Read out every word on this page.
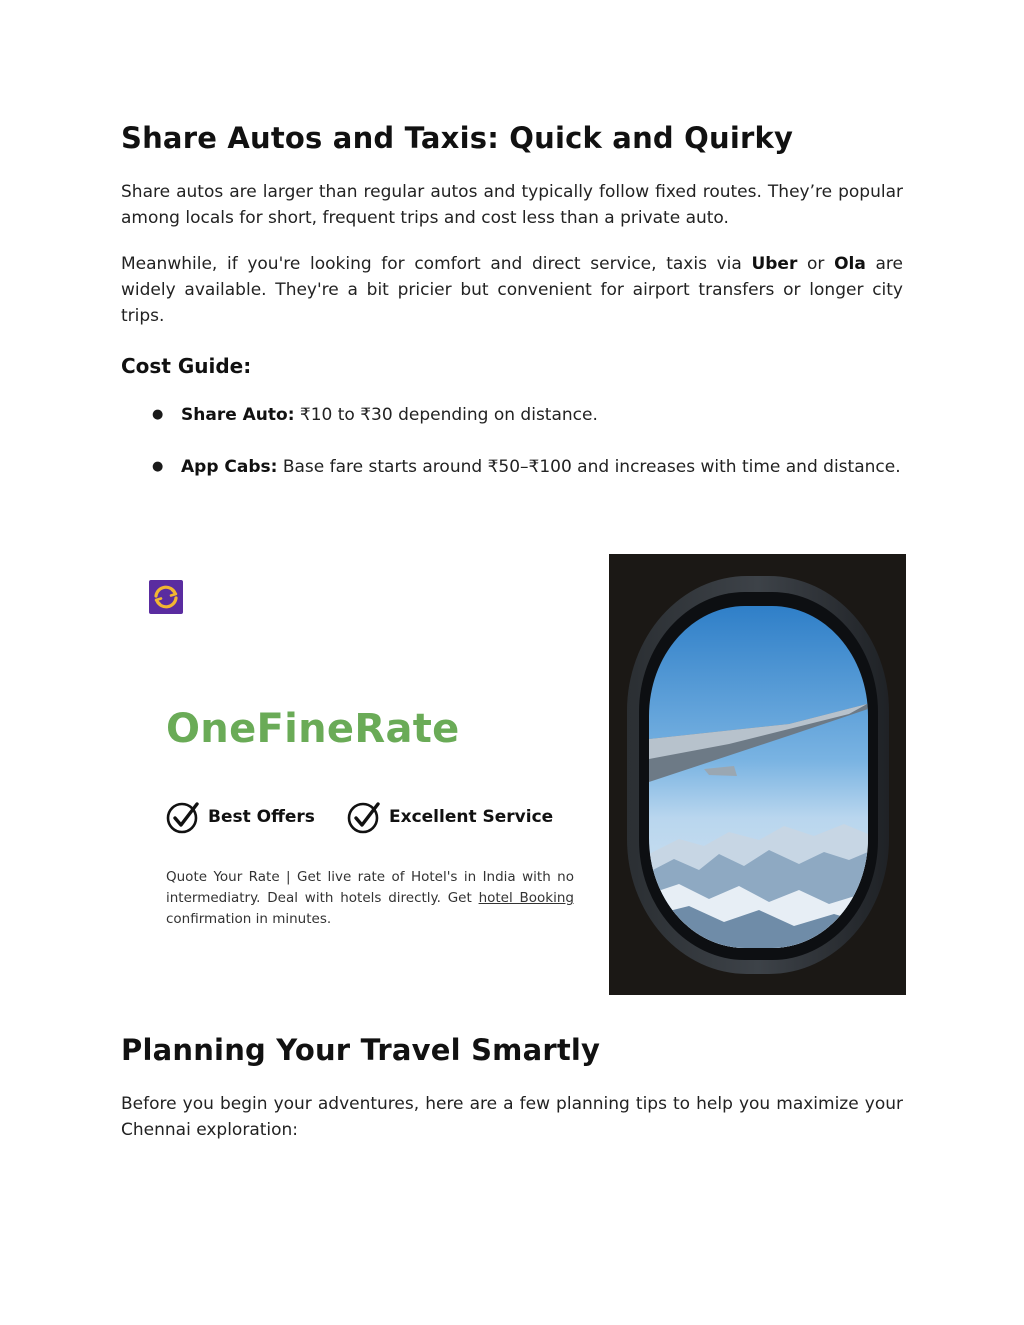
Share Autos and Taxis: Quick and Quirky

Share autos are larger than regular autos and typically follow fixed routes. They’re popular among locals for short, frequent trips and cost less than a private auto.

Meanwhile, if you're looking for comfort and direct service, taxis via Uber or Ola are widely available. They're a bit pricier but convenient for airport transfers or longer city trips.

Cost Guide:
● Share Auto: ₹10 to ₹30 depending on distance.
● App Cabs: Base fare starts around ₹50–₹100 and increases with time and distance.
OneFineRate
Best Offers	Excellent Service
Quote Your Rate | Get live rate of Hotel's in India with no intermediatry. Deal with hotels directly. Get hotel Booking confirmation in minutes.
Planning Your Travel Smartly

Before you begin your adventures, here are a few planning tips to help you maximize your Chennai exploration:
